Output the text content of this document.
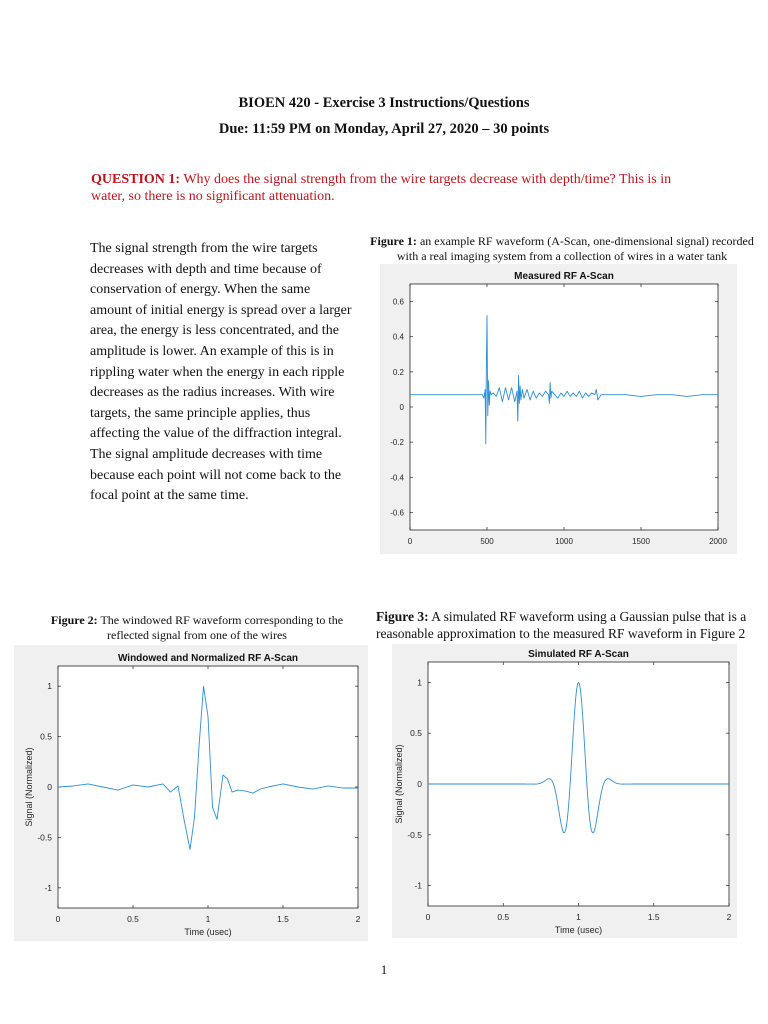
BIOEN 420 - Exercise 3 Instructions/Questions
Due: 11:59 PM on Monday, April 27, 2020 – 30 points
QUESTION 1: Why does the signal strength from the wire targets decrease with depth/time? This is in water, so there is no significant attenuation.
The signal strength from the wire targets decreases with depth and time because of conservation of energy. When the same amount of initial energy is spread over a larger area, the energy is less concentrated, and the amplitude is lower. An example of this is in rippling water when the energy in each ripple decreases as the radius increases. With wire targets, the same principle applies, thus affecting the value of the diffraction integral. The signal amplitude decreases with time because each point will not come back to the focal point at the same time.
Figure 1: an example RF waveform (A-Scan, one-dimensional signal) recorded with a real imaging system from a collection of wires in a water tank
Measured RF A-Scan
0	500	1000	1500	2000
0.6
0.4
0.2
0
-0.2
-0.4
-0.6
Figure 2: The windowed RF waveform corresponding to the reflected signal from one of the wires
Windowed and Normalized RF A-Scan
0	0.5	1	1.5	2
1
0.5
0
-0.5
-1
Time (usec)
Signal (Normalized)
Figure 3: A simulated RF waveform using a Gaussian pulse that is a reasonable approximation to the measured RF waveform in Figure 2
Simulated RF A-Scan
0	0.5	1	1.5	2
1
0.5
0
-0.5
-1
Time (usec)
Signal (Normalized)
1
